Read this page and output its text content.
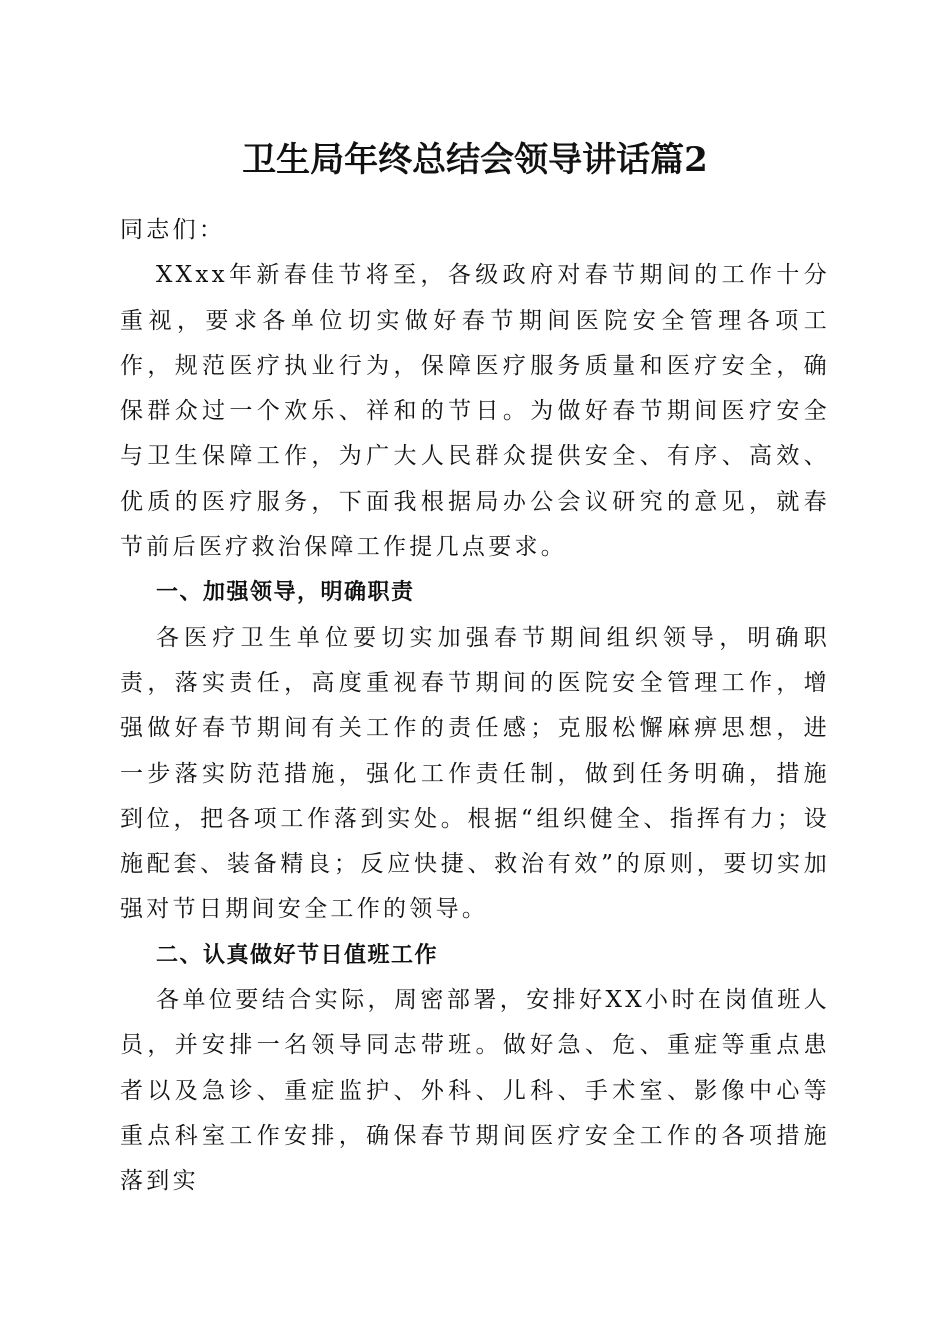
卫生局年终总结会领导讲话篇2

同志们：

XXxx年新春佳节将至，各级政府对春节期间的工作十分重视，要求各单位切实做好春节期间医院安全管理各项工作，规范医疗执业行为，保障医疗服务质量和医疗安全，确保群众过一个欢乐、祥和的节日。为做好春节期间医疗安全与卫生保障工作，为广大人民群众提供安全、有序、高效、优质的医疗服务，下面我根据局办公会议研究的意见，就春节前后医疗救治保障工作提几点要求。

一、加强领导，明确职责

各医疗卫生单位要切实加强春节期间组织领导，明确职责，落实责任，高度重视春节期间的医院安全管理工作，增强做好春节期间有关工作的责任感；克服松懈麻痹思想，进一步落实防范措施，强化工作责任制，做到任务明确，措施到位，把各项工作落到实处。根据“组织健全、指挥有力；设施配套、装备精良；反应快捷、救治有效”的原则，要切实加强对节日期间安全工作的领导。

二、认真做好节日值班工作

各单位要结合实际，周密部署，安排好XX小时在岗值班人员，并安排一名领导同志带班。做好急、危、重症等重点患者以及急诊、重症监护、外科、儿科、手术室、影像中心等重点科室工作安排，确保春节期间医疗安全工作的各项措施落到实
